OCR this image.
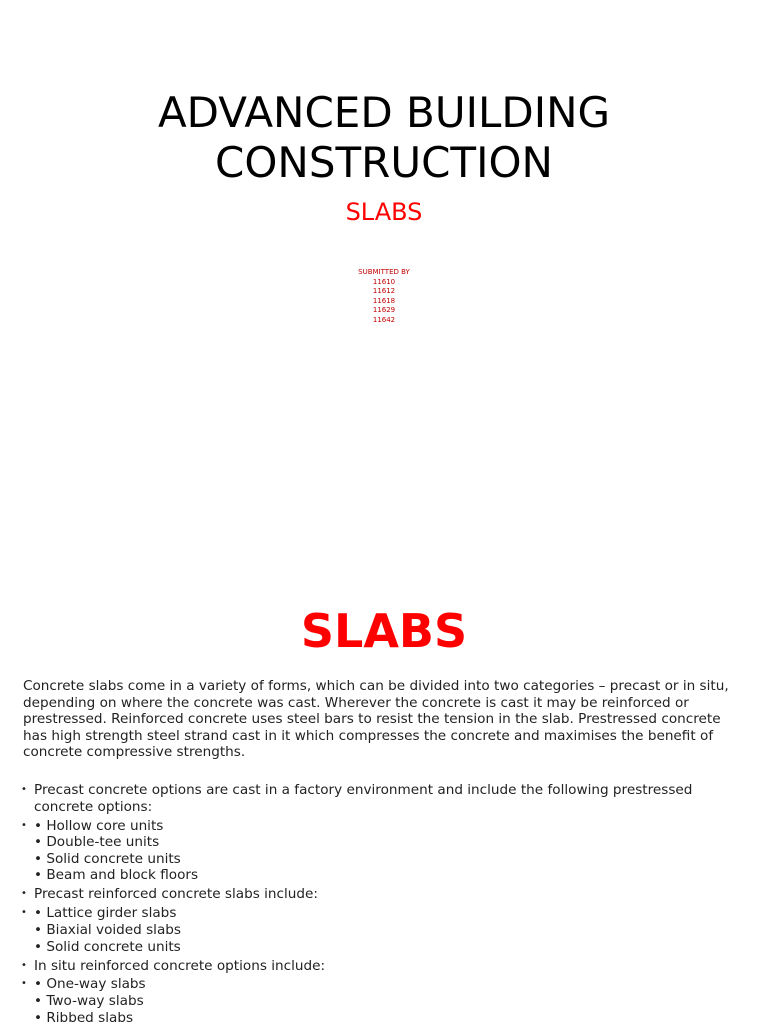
ADVANCED BUILDING
CONSTRUCTION
SLABS
SUBMITTED BY
11610
11612
11618
11629
11642
SLABS

Concrete slabs come in a variety of forms, which can be divided into two categories – precast or in situ, depending on where the concrete was cast. Wherever the concrete is cast it may be reinforced or prestressed. Reinforced concrete uses steel bars to resist the tension in the slab. Prestressed concrete has high strength steel strand cast in it which compresses the concrete and maximises the benefit of concrete compressive strengths.

• Precast concrete options are cast in a factory environment and include the following prestressed
concrete options:
• • Hollow core units
• Double-tee units
• Solid concrete units
• Beam and block floors
• Precast reinforced concrete slabs include:
• • Lattice girder slabs
• Biaxial voided slabs
• Solid concrete units
• In situ reinforced concrete options include:
• • One-way slabs
• Two-way slabs
• Ribbed slabs
